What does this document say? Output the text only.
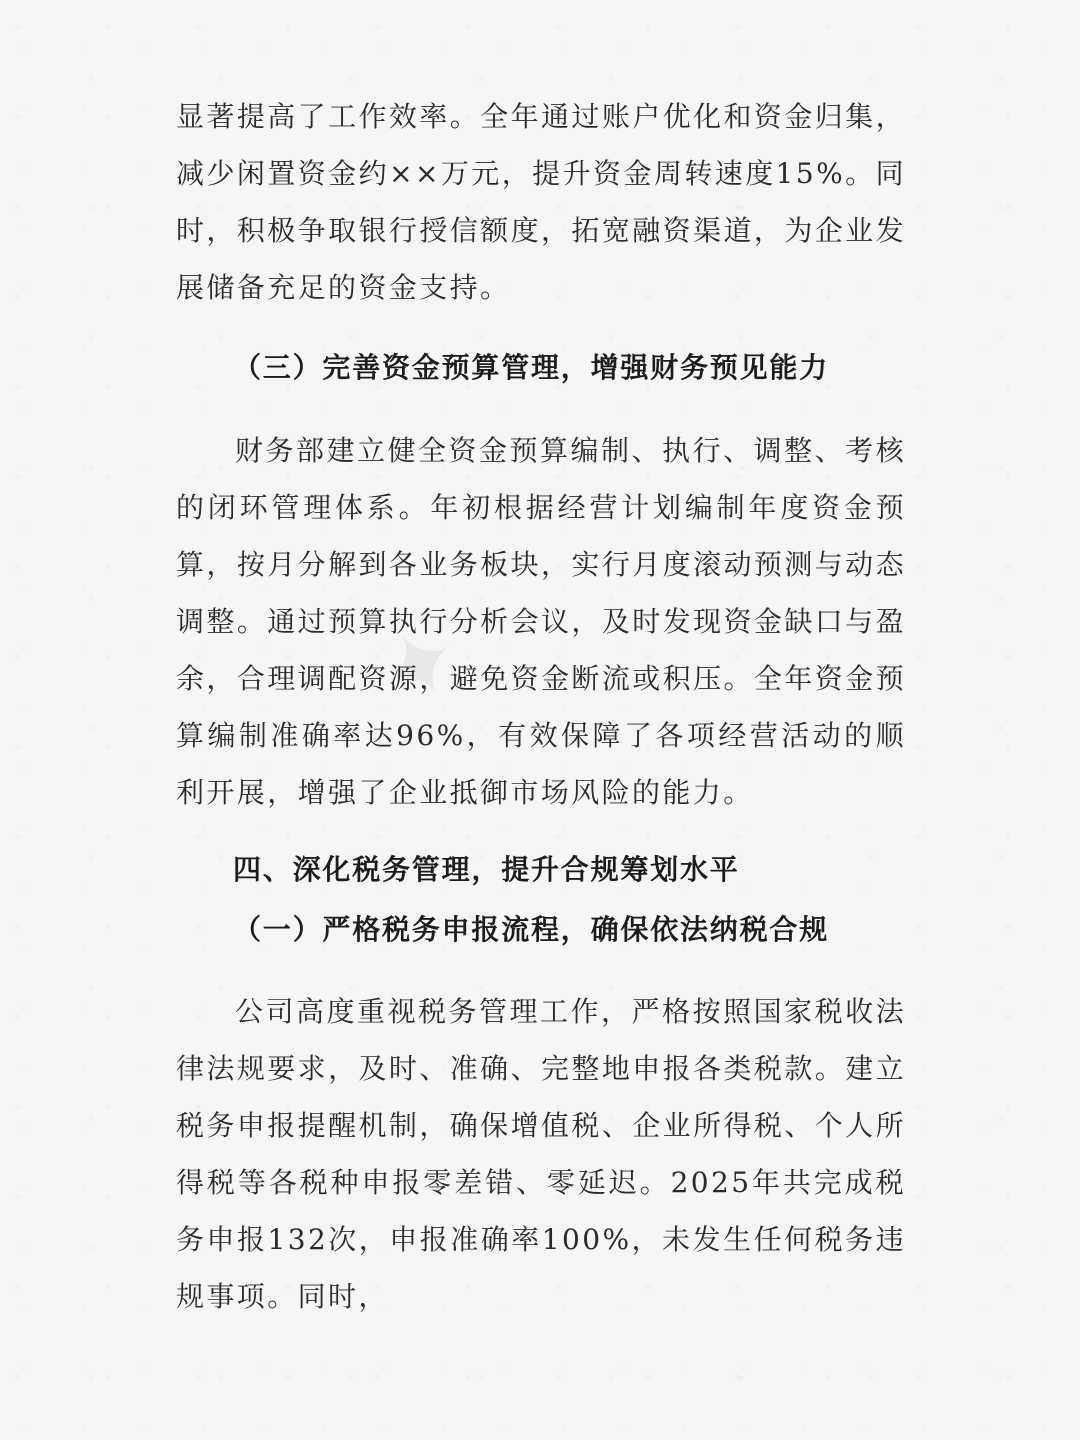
✦

显著提高了工作效率。全年通过账户优化和资金归集，减少闲置资金约××万元，提升资金周转速度15%。同时，积极争取银行授信额度，拓宽融资渠道，为企业发展储备充足的资金支持。

（三）完善资金预算管理，增强财务预见能力

财务部建立健全资金预算编制、执行、调整、考核的闭环管理体系。年初根据经营计划编制年度资金预算，按月分解到各业务板块，实行月度滚动预测与动态调整。通过预算执行分析会议，及时发现资金缺口与盈余，合理调配资源，避免资金断流或积压。全年资金预算编制准确率达96%，有效保障了各项经营活动的顺利开展，增强了企业抵御市场风险的能力。

四、深化税务管理，提升合规筹划水平
（一）严格税务申报流程，确保依法纳税合规

公司高度重视税务管理工作，严格按照国家税收法律法规要求，及时、准确、完整地申报各类税款。建立税务申报提醒机制，确保增值税、企业所得税、个人所得税等各税种申报零差错、零延迟。2025年共完成税务申报132次，申报准确率100%，未发生任何税务违规事项。同时，
